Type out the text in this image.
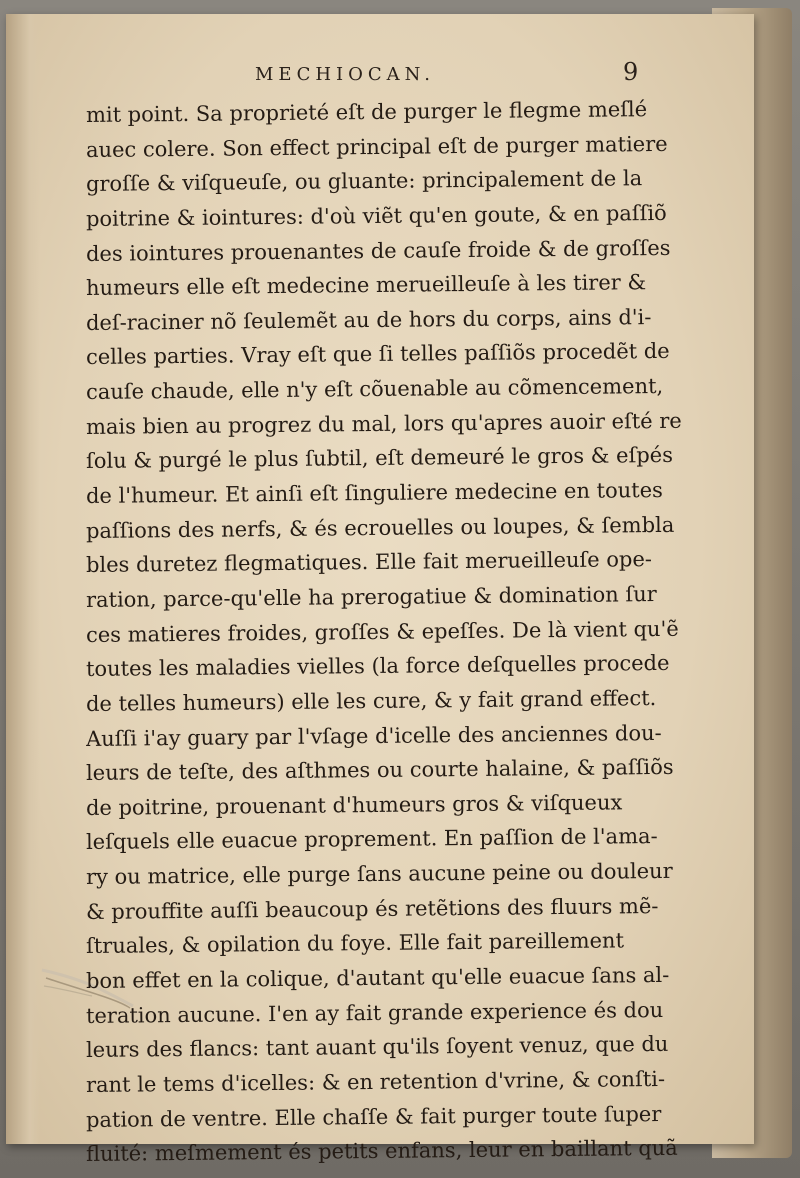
MECHIOCAN.	9
mit point. Sa proprieté eſt de purger le flegme meſlé
auec colere. Son effect principal eſt de purger matiere
groſſe & viſqueuſe, ou gluante: principalement de la
poitrine & iointures: d'où viẽt qu'en goute, & en paſſiõ
des iointures prouenantes de cauſe froide & de groſſes
humeurs elle eſt medecine merueilleuſe à les tirer &
deſ-raciner nõ ſeulemẽt au de hors du corps, ains d'i-
celles parties. Vray eſt que ſi telles paſſiõs procedẽt de
cauſe chaude, elle n'y eſt cõuenable au cõmencement,
mais bien au progrez du mal, lors qu'apres auoir eſté re
ſolu & purgé le plus ſubtil, eſt demeuré le gros & eſpés
de l'humeur. Et ainſi eſt ſinguliere medecine en toutes
paſſions des nerfs, & és ecrouelles ou loupes, & ſembla
bles duretez flegmatiques. Elle fait merueilleuſe ope-
ration, parce-qu'elle ha prerogatiue & domination ſur
ces matieres froides, groſſes & epeſſes. De là vient qu'ẽ
toutes les maladies vielles (la force deſquelles procede
de telles humeurs) elle les cure, & y fait grand effect.
Auſſi i'ay guary par l'vſage d'icelle des anciennes dou-
leurs de teſte, des aſthmes ou courte halaine, & paſſiõs
de poitrine, prouenant d'humeurs gros & viſqueux
leſquels elle euacue proprement. En paſſion de l'ama-
ry ou matrice, elle purge ſans aucune peine ou douleur
& prouffite auſſi beaucoup és retẽtions des fluurs mẽ-
ſtruales, & opilation du foye. Elle fait pareillement
bon effet en la colique, d'autant qu'elle euacue ſans al-
teration aucune. I'en ay fait grande experience és dou
leurs des flancs: tant auant qu'ils ſoyent venuz, que du
rant le tems d'icelles: & en retention d'vrine, & conſti-
pation de ventre. Elle chaſſe & fait purger toute ſuper
fluité: meſmement és petits enfans, leur en baillant quã
